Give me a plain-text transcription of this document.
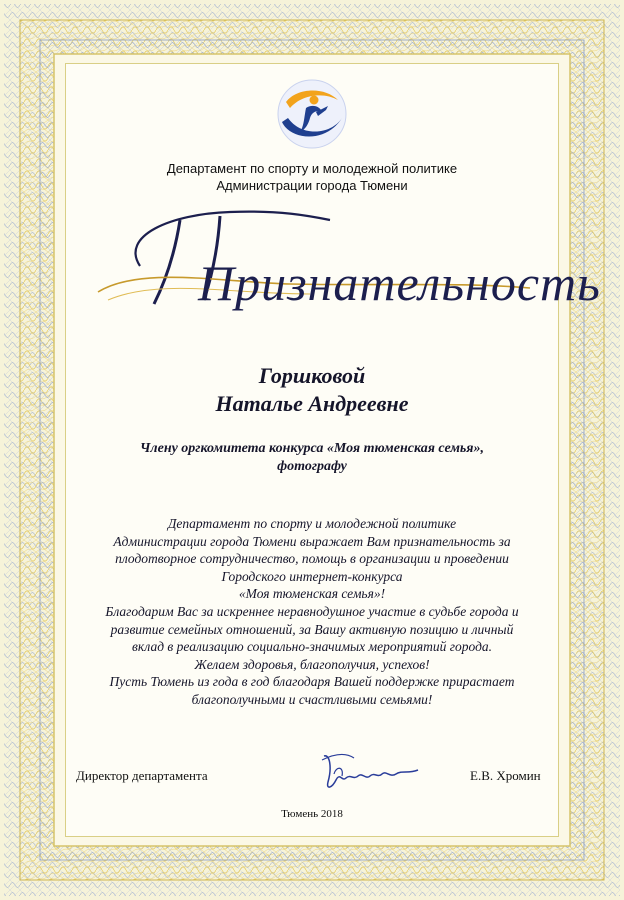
Департамент по спорту и молодежной политике
Администрации города Тюмени
Признательность
Горшковой
Наталье Андреевне
Члену оргкомитета конкурса «Моя тюменская семья»,
фотографу
Департамент по спорту и молодежной политике
Администрации города Тюмени выражает Вам признательность за
плодотворное сотрудничество, помощь в организации и проведении
Городского интернет-конкурса
«Моя тюменская семья»!
Благодарим Вас за искреннее неравнодушное участие в судьбе города и
развитие семейных отношений, за Вашу активную позицию и личный
вклад в реализацию социально-значимых мероприятий города.
Желаем здоровья, благополучия, успехов!
Пусть Тюмень из года в год благодаря Вашей поддержке прирастает
благополучными и счастливыми семьями!
Директор департамента	Е.В. Хромин
Тюмень 2018
